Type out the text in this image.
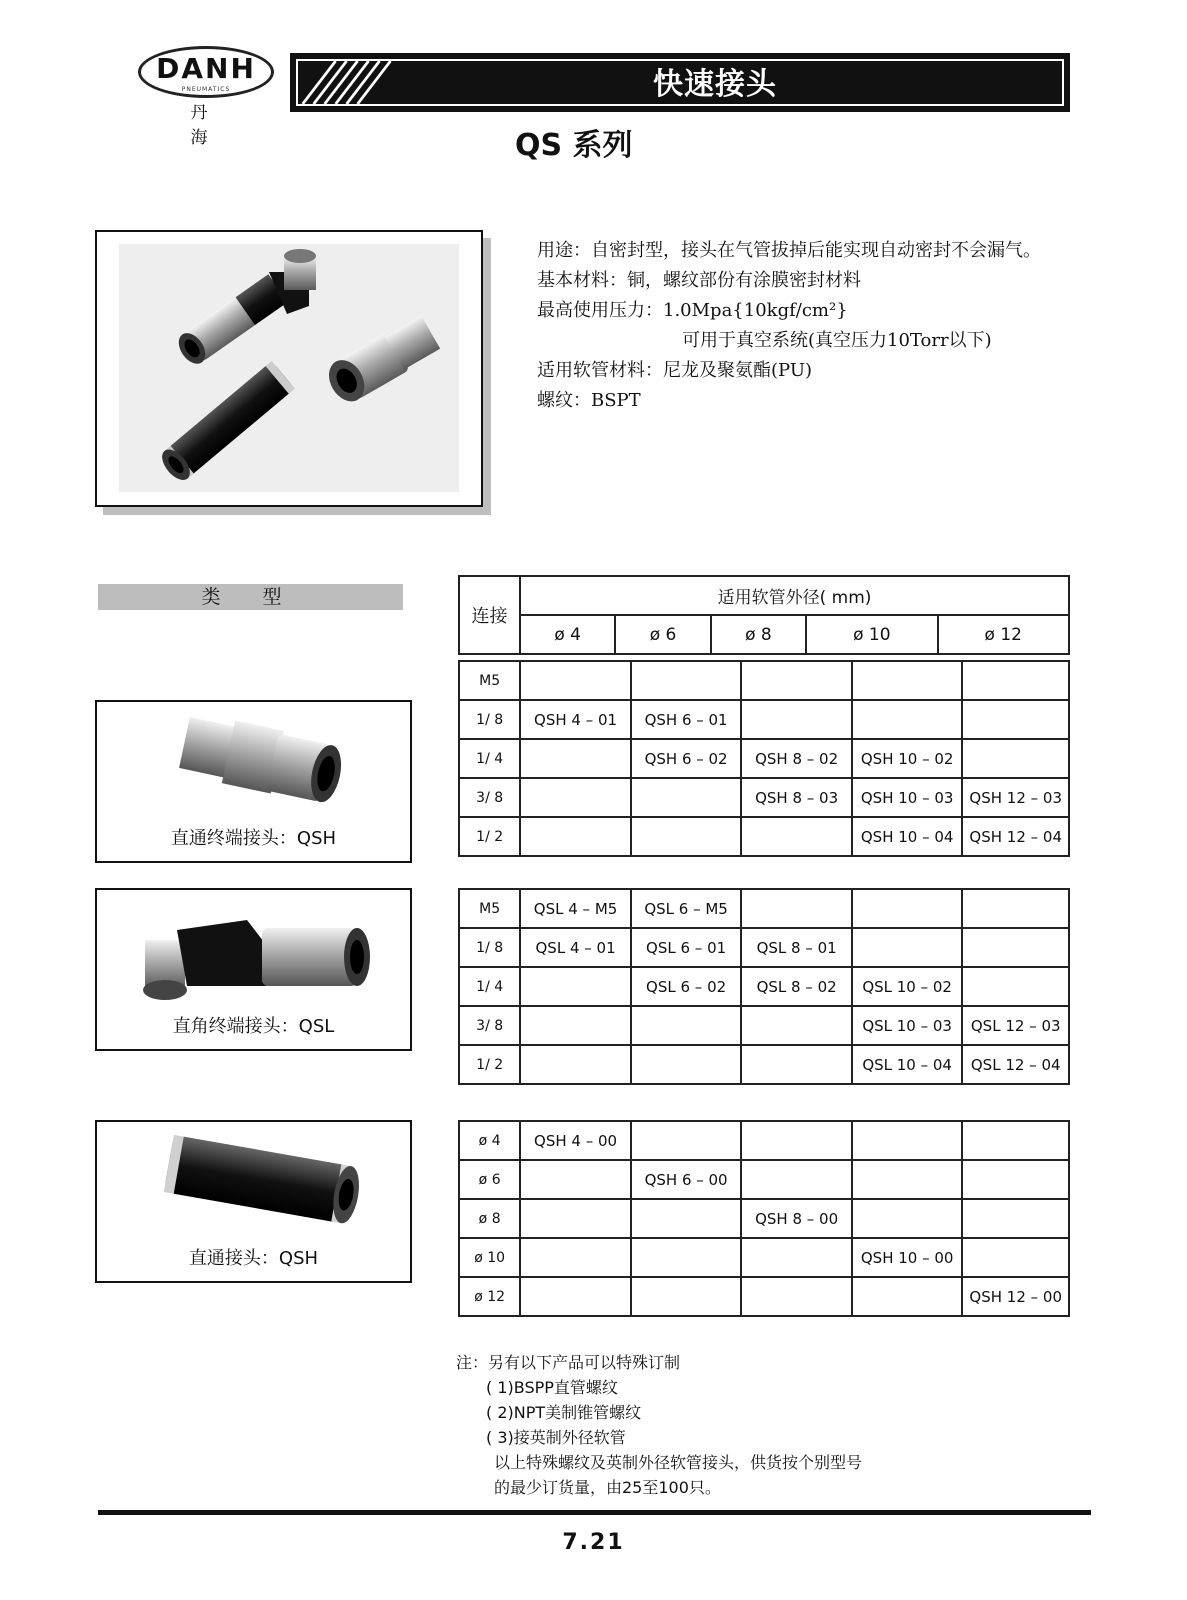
DANH
PNEUMATICS
丹 海
快速接头
QS 系列
用途：自密封型，接头在气管拔掉后能实现自动密封不会漏气。
基本材料：铜，螺纹部份有涂膜密封材料
最高使用压力：1.0Mpa{10kgf/cm²}
可用于真空系统(真空压力10Torr以下)
适用软管材料：尼龙及聚氨酯(PU)
螺纹：BSPT
类 型
连接	适用软管外径( mm)				
	ø 4	ø 6	ø 8	ø 10	ø 12
M5					
1/ 8	QSH 4 – 01	QSH 6 – 01			
1/ 4		QSH 6 – 02	QSH 8 – 02	QSH 10 – 02	
3/ 8			QSH 8 – 03	QSH 10 – 03	QSH 12 – 03
1/ 2				QSH 10 – 04	QSH 12 – 04
M5	QSL 4 – M5	QSL 6 – M5			
1/ 8	QSL 4 – 01	QSL 6 – 01	QSL 8 – 01		
1/ 4		QSL 6 – 02	QSL 8 – 02	QSL 10 – 02	
3/ 8				QSL 10 – 03	QSL 12 – 03
1/ 2				QSL 10 – 04	QSL 12 – 04
ø 4	QSH 4 – 00				
ø 6		QSH 6 – 00			
ø 8			QSH 8 – 00		
ø 10				QSH 10 – 00	
ø 12					QSH 12 – 00
直通终端接头：QSH
直角终端接头：QSL
直通接头：QSH
注：另有以下产品可以特殊订制
( 1)BSPP直管螺纹
( 2)NPT美制锥管螺纹
( 3)接英制外径软管
以上特殊螺纹及英制外径软管接头，供货按个别型号
的最少订货量，由25至100只。
7.21
